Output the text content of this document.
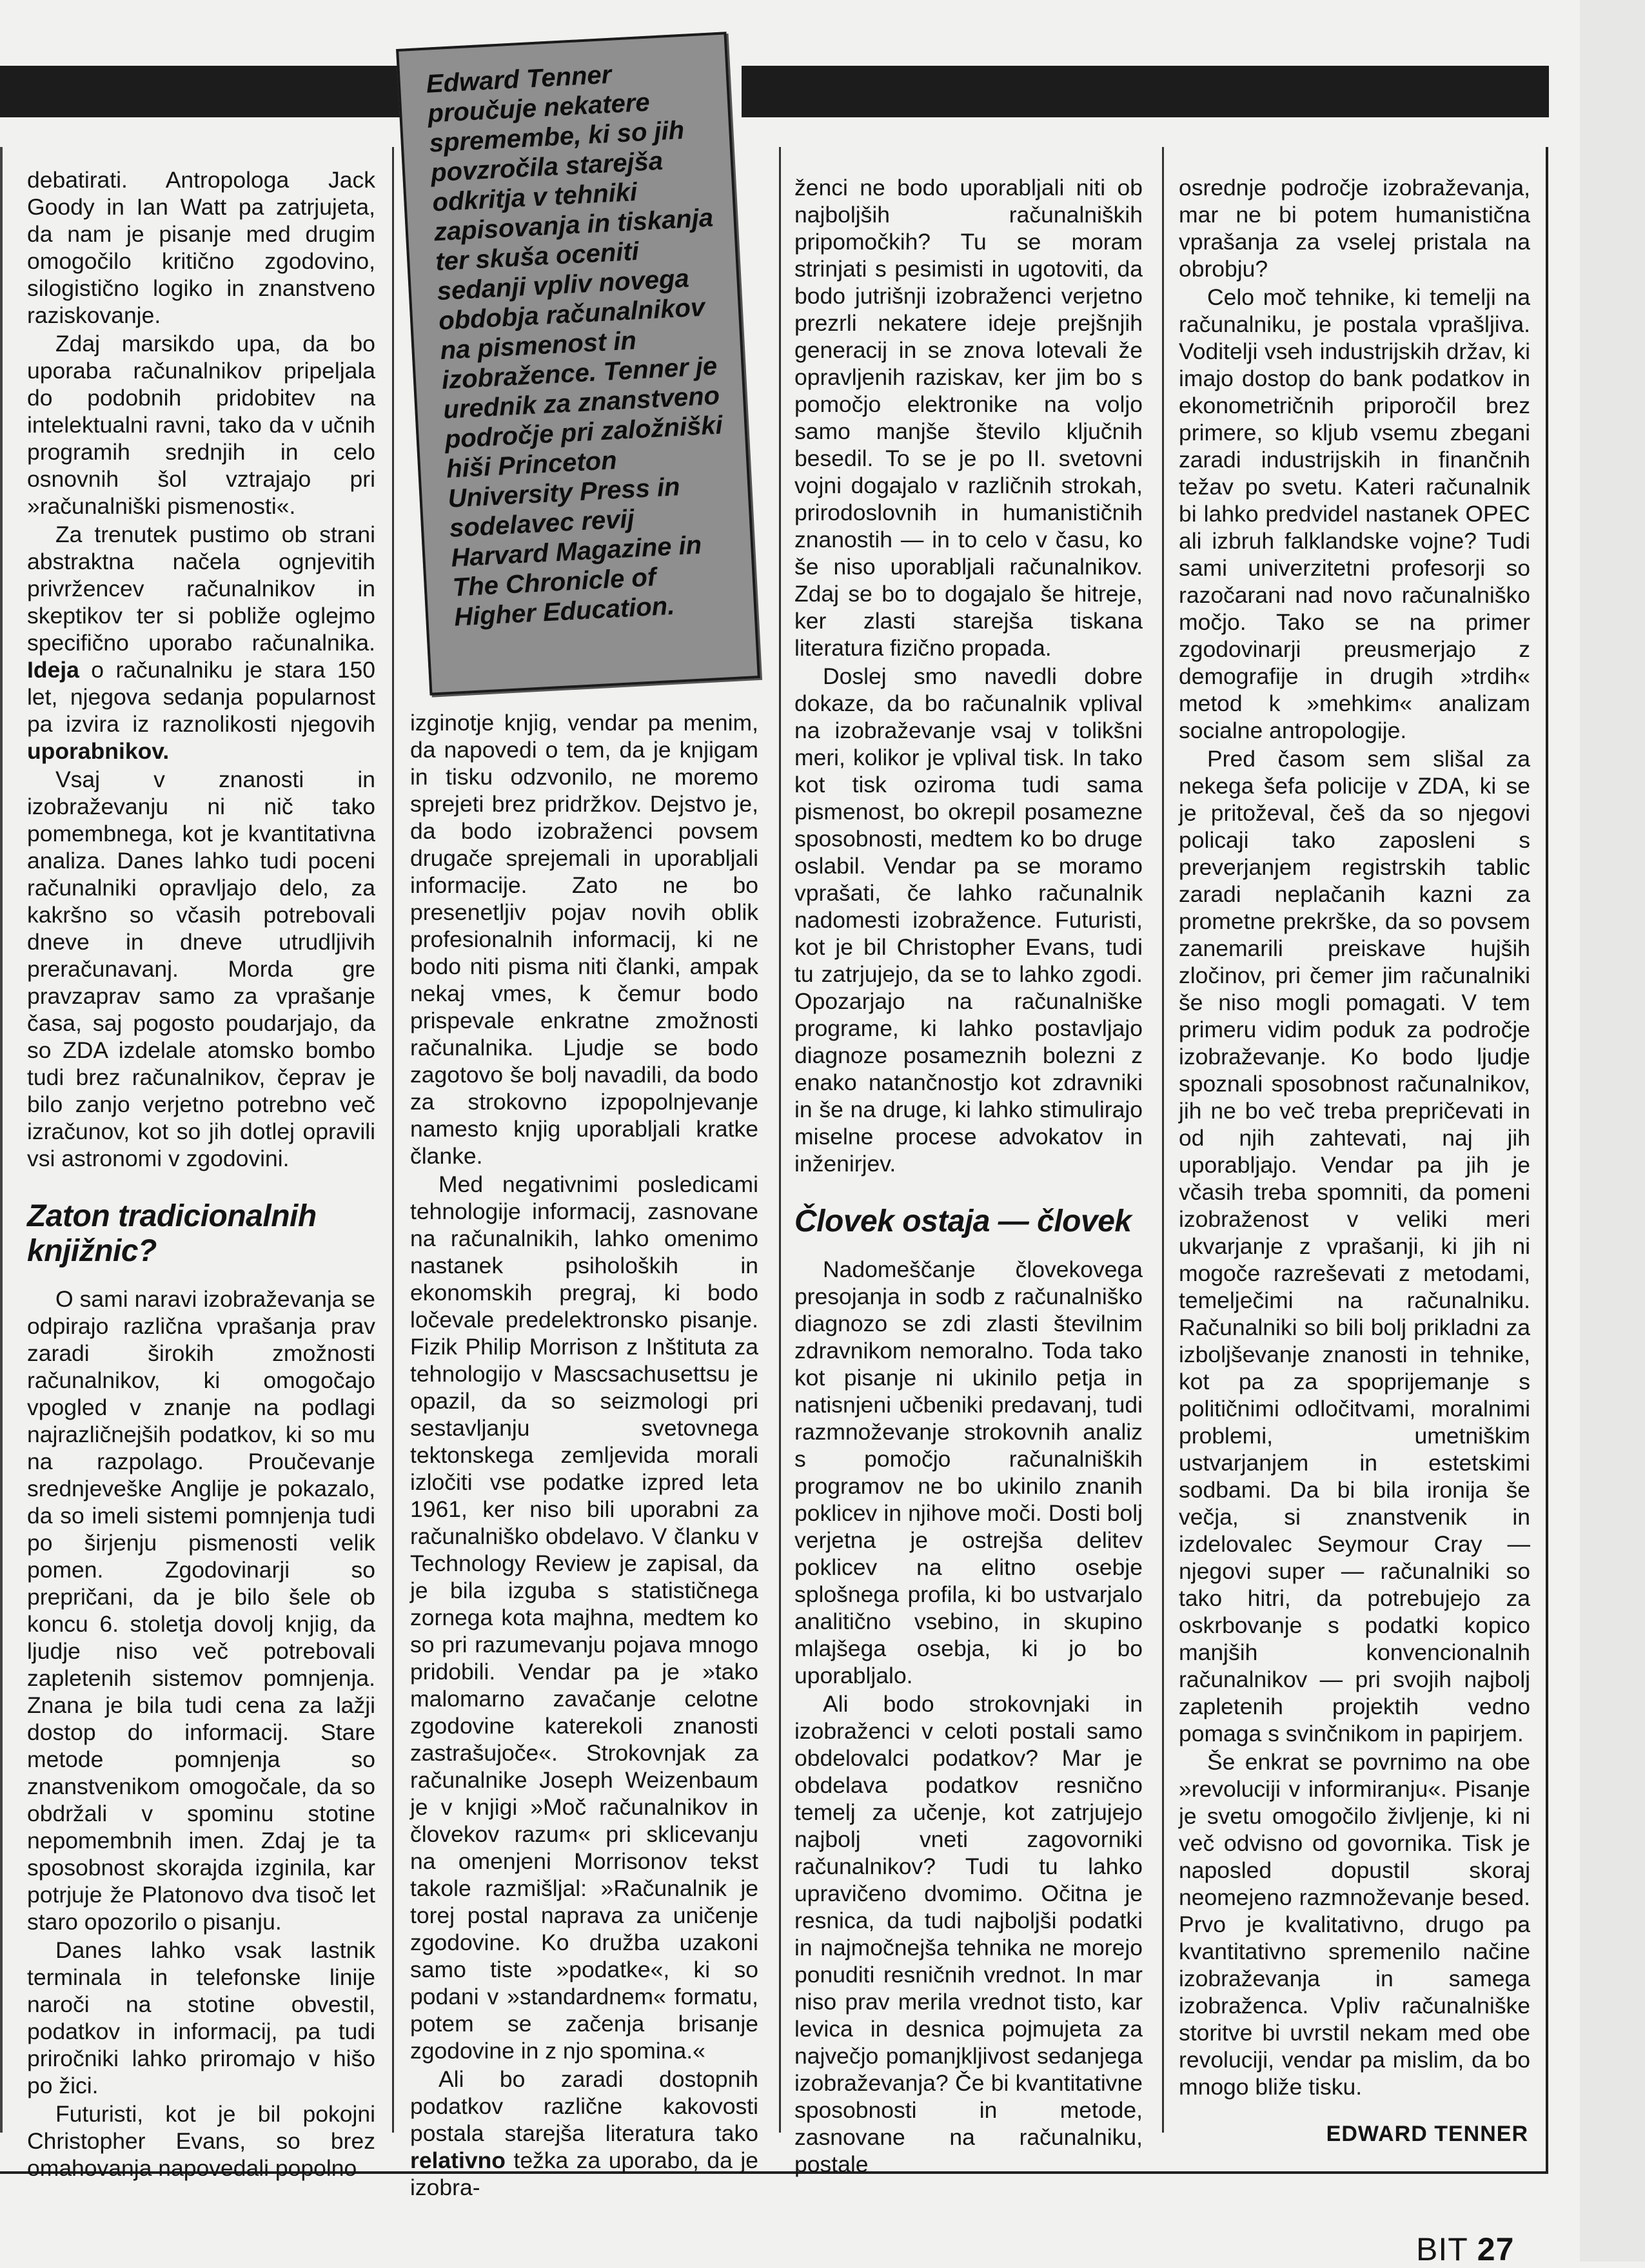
debatirati. Antropologa Jack Goody in Ian Watt pa zatrjujeta, da nam je pisanje med drugim omogočilo kritično zgodovino, silogistično logiko in znanstveno raziskovanje.

Zdaj marsikdo upa, da bo uporaba računalnikov pripeljala do podobnih pridobitev na intelektualni ravni, tako da v učnih programih srednjih in celo osnovnih šol vztrajajo pri »računalniški pismenosti«.

Za trenutek pustimo ob strani abstraktna načela ognjevitih privržencev računalnikov in skeptikov ter si pobliže oglejmo specifično uporabo računalnika. Ideja o računalniku je stara 150 let, njegova sedanja popularnost pa izvira iz raznolikosti njegovih uporabnikov.

Vsaj v znanosti in izobraževanju ni nič tako pomembnega, kot je kvantitativna analiza. Danes lahko tudi poceni računalniki opravljajo delo, za kakršno so včasih potrebovali dneve in dneve utrudljivih preračunavanj. Morda gre pravzaprav samo za vprašanje časa, saj pogosto poudarjajo, da so ZDA izdelale atomsko bombo tudi brez računalnikov, čeprav je bilo zanjo verjetno potrebno več izračunov, kot so jih dotlej opravili vsi astronomi v zgodovini.

Zaton tradicionalnih knjižnic?

O sami naravi izobraževanja se odpirajo različna vprašanja prav zaradi širokih zmožnosti računalnikov, ki omogočajo vpogled v znanje na podlagi najrazličnejših podatkov, ki so mu na razpolago. Proučevanje srednjeveške Anglije je pokazalo, da so imeli sistemi pomnjenja tudi po širjenju pismenosti velik pomen. Zgodovinarji so prepričani, da je bilo šele ob koncu 6. stoletja dovolj knjig, da ljudje niso več potrebovali zapletenih sistemov pomnjenja. Znana je bila tudi cena za lažji dostop do informacij. Stare metode pomnjenja so znanstvenikom omogočale, da so obdržali v spominu stotine nepomembnih imen. Zdaj je ta sposobnost skorajda izginila, kar potrjuje že Platonovo dva tisoč let staro opozorilo o pisanju.

Danes lahko vsak lastnik terminala in telefonske linije naroči na stotine obvestil, podatkov in informacij, pa tudi priročniki lahko priromajo v hišo po žici.

Futuristi, kot je bil pokojni Christopher Evans, so brez omahovanja napovedali popolno

izginotje knjig, vendar pa menim, da napovedi o tem, da je knjigam in tisku odzvonilo, ne moremo sprejeti brez pridržkov. Dejstvo je, da bodo izobraženci povsem drugače sprejemali in uporabljali informacije. Zato ne bo presenetljiv pojav novih oblik profesionalnih informacij, ki ne bodo niti pisma niti članki, ampak nekaj vmes, k čemur bodo prispevale enkratne zmožnosti računalnika. Ljudje se bodo zagotovo še bolj navadili, da bodo za strokovno izpopolnjevanje namesto knjig uporabljali kratke članke.

Med negativnimi posledicami tehnologije informacij, zasnovane na računalnikih, lahko omenimo nastanek psiholoških in ekonomskih pregraj, ki bodo ločevale predelektronsko pisanje. Fizik Philip Morrison z Inštituta za tehnologijo v Mascsachusettsu je opazil, da so seizmologi pri sestavljanju svetovnega tektonskega zemljevida morali izločiti vse podatke izpred leta 1961, ker niso bili uporabni za računalniško obdelavo. V članku v Technology Review je zapisal, da je bila izguba s statističnega zornega kota majhna, medtem ko so pri razumevanju pojava mnogo pridobili. Vendar pa je »tako malomarno zavačanje celotne zgodovine katerekoli znanosti zastrašujoče«. Strokovnjak za računalnike Joseph Weizenbaum je v knjigi »Moč računalnikov in človekov razum« pri sklicevanju na omenjeni Morrisonov tekst takole razmišljal: »Računalnik je torej postal naprava za uničenje zgodovine. Ko družba uzakoni samo tiste »podatke«, ki so podani v »standardnem« formatu, potem se začenja brisanje zgodovine in z njo spomina.«

Ali bo zaradi dostopnih podatkov različne kakovosti postala starejša literatura tako relativno težka za uporabo, da je izobra-

ženci ne bodo uporabljali niti ob najboljših računalniških pripomočkih? Tu se moram strinjati s pesimisti in ugotoviti, da bodo jutrišnji izobraženci verjetno prezrli nekatere ideje prejšnjih generacij in se znova lotevali že opravljenih raziskav, ker jim bo s pomočjo elektronike na voljo samo manjše število ključnih besedil. To se je po II. svetovni vojni dogajalo v različnih strokah, prirodoslovnih in humanističnih znanostih — in to celo v času, ko še niso uporabljali računalnikov. Zdaj se bo to dogajalo še hitreje, ker zlasti starejša tiskana literatura fizično propada.

Doslej smo navedli dobre dokaze, da bo računalnik vplival na izobraževanje vsaj v tolikšni meri, kolikor je vplival tisk. In tako kot tisk oziroma tudi sama pismenost, bo okrepil posamezne sposobnosti, medtem ko bo druge oslabil. Vendar pa se moramo vprašati, če lahko računalnik nadomesti izobražence. Futuristi, kot je bil Christopher Evans, tudi tu zatrjujejo, da se to lahko zgodi. Opozarjajo na računalniške programe, ki lahko postavljajo diagnoze posameznih bolezni z enako natančnostjo kot zdravniki in še na druge, ki lahko stimulirajo miselne procese advokatov in inženirjev.

Človek ostaja — človek

Nadomeščanje človekovega presojanja in sodb z računalniško diagnozo se zdi zlasti številnim zdravnikom nemoralno. Toda tako kot pisanje ni ukinilo petja in natisnjeni učbeniki predavanj, tudi razmnoževanje strokovnih analiz s pomočjo računalniških programov ne bo ukinilo znanih poklicev in njihove moči. Dosti bolj verjetna je ostrejša delitev poklicev na elitno osebje splošnega profila, ki bo ustvarjalo analitično vsebino, in skupino mlajšega osebja, ki jo bo uporabljalo.

Ali bodo strokovnjaki in izobraženci v celoti postali samo obdelovalci podatkov? Mar je obdelava podatkov resnično temelj za učenje, kot zatrjujejo najbolj vneti zagovorniki računalnikov? Tudi tu lahko upravičeno dvomimo. Očitna je resnica, da tudi najboljši podatki in najmočnejša tehnika ne morejo ponuditi resničnih vrednot. In mar niso prav merila vrednot tisto, kar levica in desnica pojmujeta za največjo pomanjkljivost sedanjega izobraževanja? Če bi kvantitativne sposobnosti in metode, zasnovane na računalniku, postale

osrednje področje izobraževanja, mar ne bi potem humanistična vprašanja za vselej pristala na obrobju?

Celo moč tehnike, ki temelji na računalniku, je postala vprašljiva. Voditelji vseh industrijskih držav, ki imajo dostop do bank podatkov in ekonometričnih priporočil brez primere, so kljub vsemu zbegani zaradi industrijskih in finančnih težav po svetu. Kateri računalnik bi lahko predvidel nastanek OPEC ali izbruh falklandske vojne? Tudi sami univerzitetni profesorji so razočarani nad novo računalniško močjo. Tako se na primer zgodovinarji preusmerjajo z demografije in drugih »trdih« metod k »mehkim« analizam socialne antropologije.

Pred časom sem slišal za nekega šefa policije v ZDA, ki se je pritoževal, češ da so njegovi policaji tako zaposleni s preverjanjem registrskih tablic zaradi neplačanih kazni za prometne prekrške, da so povsem zanemarili preiskave hujših zločinov, pri čemer jim računalniki še niso mogli pomagati. V tem primeru vidim poduk za področje izobraževanje. Ko bodo ljudje spoznali sposobnost računalnikov, jih ne bo več treba prepričevati in od njih zahtevati, naj jih uporabljajo. Vendar pa jih je včasih treba spomniti, da pomeni izobraženost v veliki meri ukvarjanje z vprašanji, ki jih ni mogoče razreševati z metodami, temelječimi na računalniku. Računalniki so bili bolj prikladni za izboljševanje znanosti in tehnike, kot pa za spoprijemanje s političnimi odločitvami, moralnimi problemi, umetniškim ustvarjanjem in estetskimi sodbami. Da bi bila ironija še večja, si znanstvenik in izdelovalec Seymour Cray — njegovi super — računalniki so tako hitri, da potrebujejo za oskrbovanje s podatki kopico manjših konvencionalnih računalnikov — pri svojih najbolj zapletenih projektih vedno pomaga s svinčnikom in papirjem.

Še enkrat se povrnimo na obe »revoluciji v informiranju«. Pisanje je svetu omogočilo življenje, ki ni več odvisno od govornika. Tisk je naposled dopustil skoraj neomejeno razmnoževanje besed. Prvo je kvalitativno, drugo pa kvantitativno spremenilo načine izobraževanja in samega izobraženca. Vpliv računalniške storitve bi uvrstil nekam med obe revoluciji, vendar pa mislim, da bo mnogo bliže tisku.

EDWARD TENNER
Edward Tenner proučuje nekatere spremembe, ki so jih povzročila starejša odkritja v tehniki zapisovanja in tiskanja ter skuša oceniti sedanji vpliv novega obdobja računalnikov na pismenost in izobražence. Tenner je urednik za znanstveno področje pri založniški hiši Princeton University Press in sodelavec revij Harvard Magazine in The Chronicle of Higher Education.
BIT 27
